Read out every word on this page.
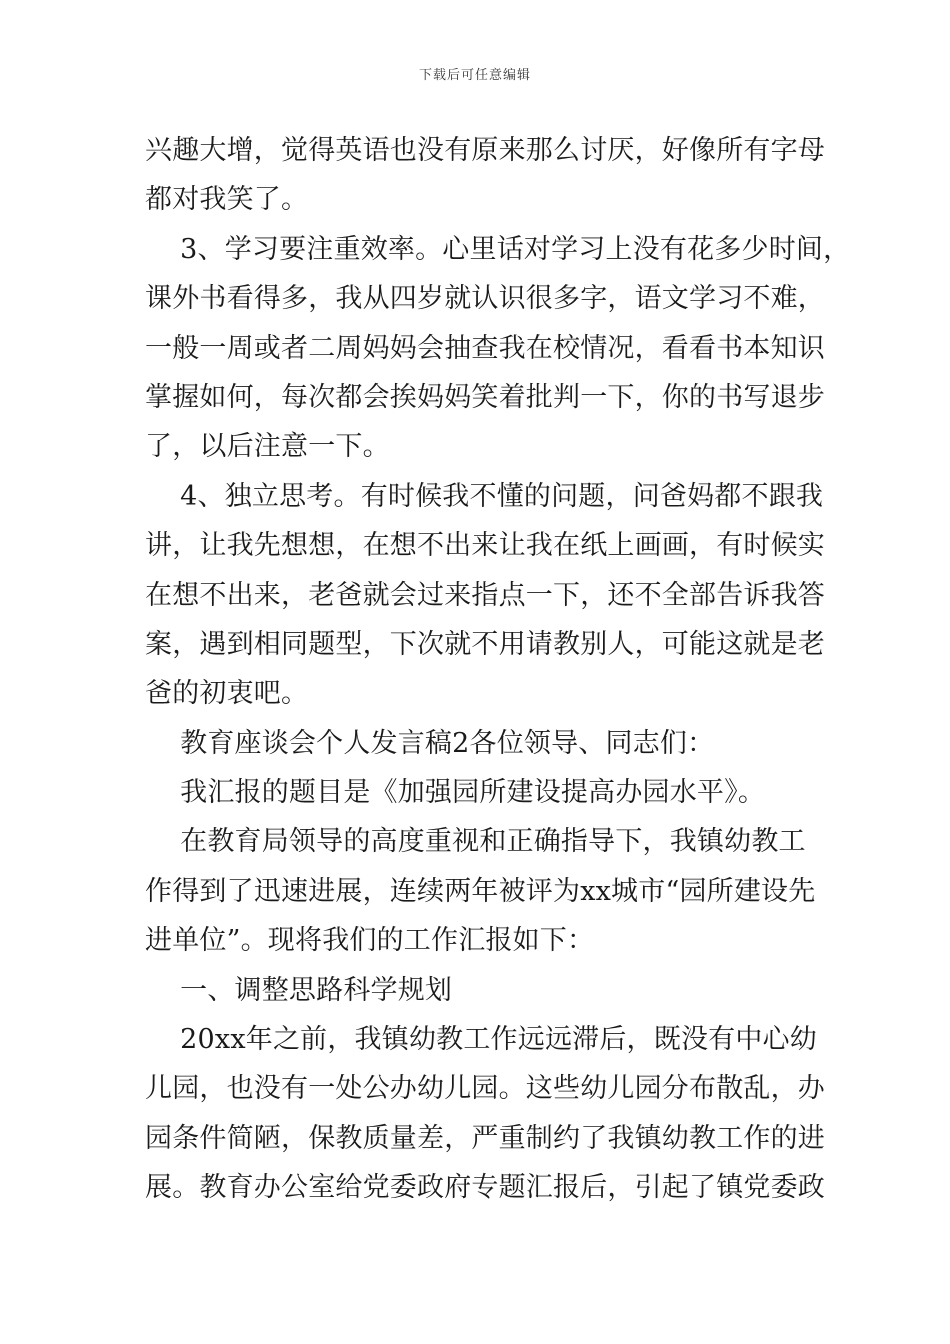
下载后可任意编辑
兴趣大增，觉得英语也没有原来那么讨厌，好像所有字母
都对我笑了。
3、学习要注重效率。心里话对学习上没有花多少时间，
课外书看得多，我从四岁就认识很多字，语文学习不难，
一般一周或者二周妈妈会抽查我在校情况，看看书本知识
掌握如何，每次都会挨妈妈笑着批判一下，你的书写退步
了，以后注意一下。
4、独立思考。有时候我不懂的问题，问爸妈都不跟我
讲，让我先想想，在想不出来让我在纸上画画，有时候实
在想不出来，老爸就会过来指点一下，还不全部告诉我答
案，遇到相同题型，下次就不用请教别人，可能这就是老
爸的初衷吧。
教育座谈会个人发言稿2各位领导、同志们：
我汇报的题目是《加强园所建设提高办园水平》。
在教育局领导的高度重视和正确指导下，我镇幼教工
作得到了迅速进展，连续两年被评为xx城市“园所建设先
进单位”。现将我们的工作汇报如下：
一、调整思路科学规划
20xx年之前，我镇幼教工作远远滞后，既没有中心幼
儿园，也没有一处公办幼儿园。这些幼儿园分布散乱，办
园条件简陋，保教质量差，严重制约了我镇幼教工作的进
展。教育办公室给党委政府专题汇报后，引起了镇党委政
